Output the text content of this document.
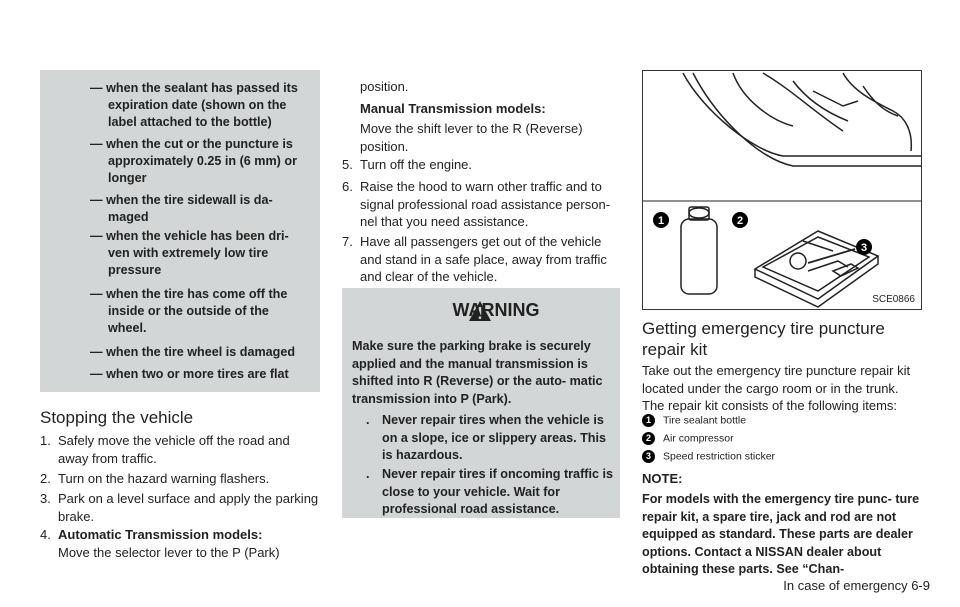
— when the sealant has passed its expiration date (shown on the label attached to the bottle)
— when the cut or the puncture is approximately 0.25 in (6 mm) or longer
— when the tire sidewall is da- maged
— when the vehicle has been dri- ven with extremely low tire pressure
— when the tire has come off the inside or the outside of the wheel.
— when the tire wheel is damaged
— when two or more tires are flat
Stopping the vehicle
1. Safely move the vehicle off the road and away from traffic.
2. Turn on the hazard warning flashers.
3. Park on a level surface and apply the parking brake.
4. Automatic Transmission models:
Move the selector lever to the P (Park)
position.
Manual Transmission models:
Move the shift lever to the R (Reverse) position.
5. Turn off the engine.
6. Raise the hood to warn other traffic and to signal professional road assistance person- nel that you need assistance.
7. Have all passengers get out of the vehicle and stand in a safe place, away from traffic and clear of the vehicle.
WARNING
Make sure the parking brake is securely applied and the manual transmission is shifted into R (Reverse) or the auto- matic transmission into P (Park).
. Never repair tires when the vehicle is on a slope, ice or slippery areas. This is hazardous.
. Never repair tires if oncoming traffic is close to your vehicle. Wait for professional road assistance.
1	2
3
SCE0866
Getting emergency tire puncture repair kit
Take out the emergency tire puncture repair kit located under the cargo room or in the trunk. The repair kit consists of the following items:
1 Tire sealant bottle
2 Air compressor
3 Speed restriction sticker
NOTE:
For models with the emergency tire punc- ture repair kit, a spare tire, jack and rod are not equipped as standard. These parts are dealer options. Contact a NISSAN dealer about obtaining these parts. See “Chan-
In case of emergency 6-9
